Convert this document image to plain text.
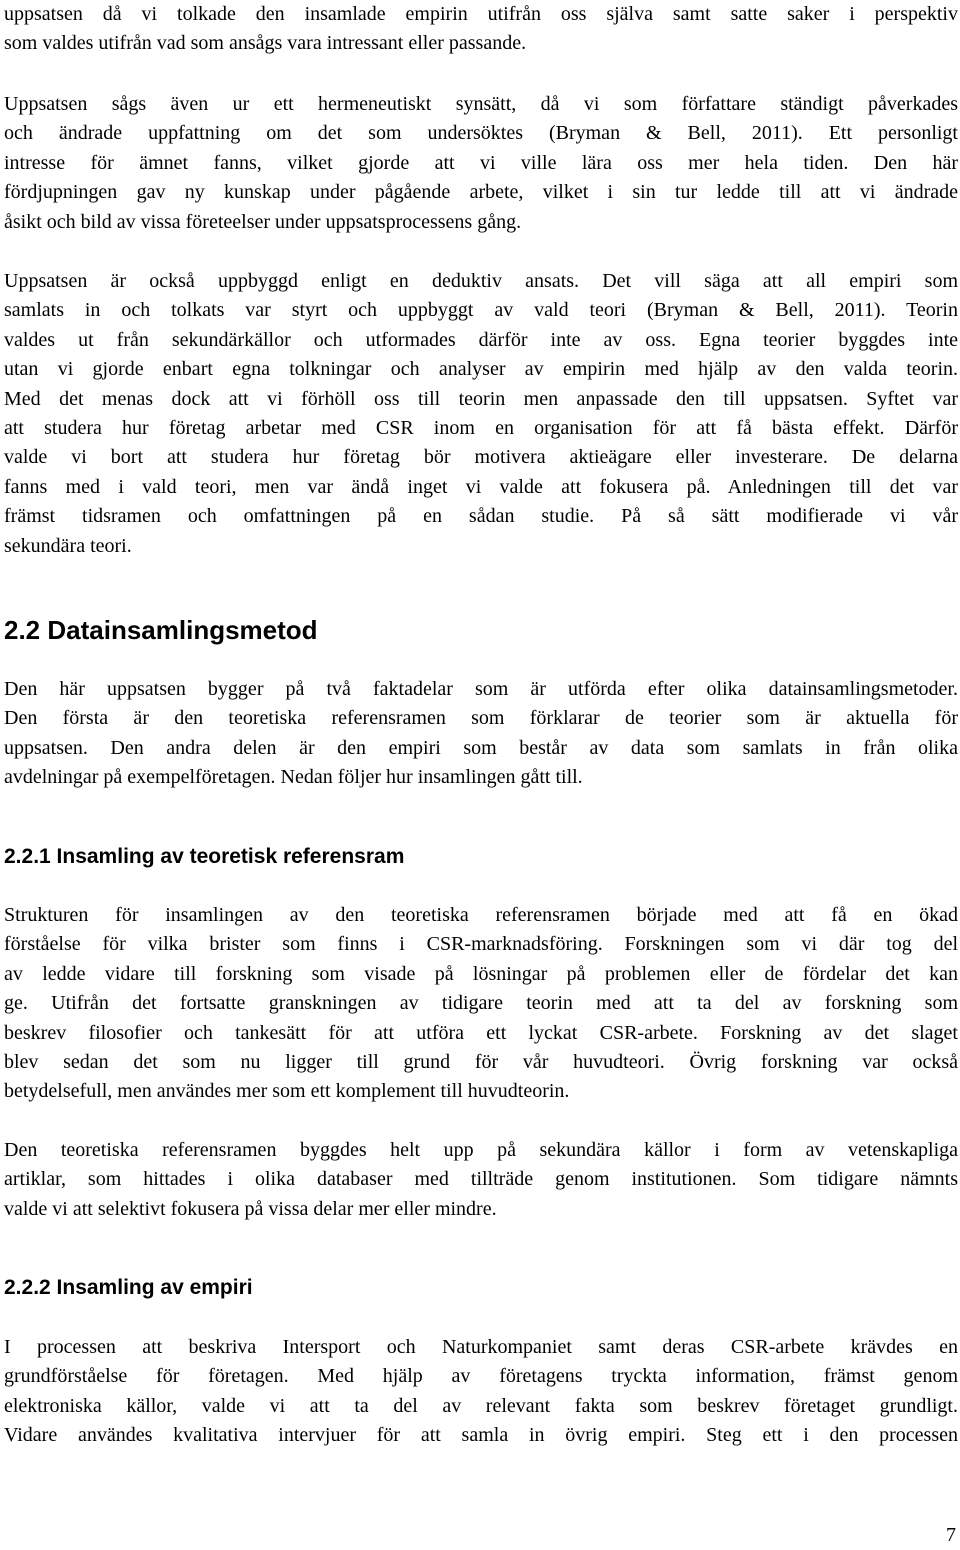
uppsatsen då vi tolkade den insamlade empirin utifrån oss själva samt satte saker i perspektiv
som valdes utifrån vad som ansågs vara intressant eller passande.
Uppsatsen sågs även ur ett hermeneutiskt synsätt, då vi som författare ständigt påverkades
och ändrade uppfattning om det som undersöktes (Bryman & Bell, 2011). Ett personligt
intresse för ämnet fanns, vilket gjorde att vi ville lära oss mer hela tiden. Den här
fördjupningen gav ny kunskap under pågående arbete, vilket i sin tur ledde till att vi ändrade
åsikt och bild av vissa företeelser under uppsatsprocessens gång.
Uppsatsen är också uppbyggd enligt en deduktiv ansats. Det vill säga att all empiri som
samlats in och tolkats var styrt och uppbyggt av vald teori (Bryman & Bell, 2011). Teorin
valdes ut från sekundärkällor och utformades därför inte av oss. Egna teorier byggdes inte
utan vi gjorde enbart egna tolkningar och analyser av empirin med hjälp av den valda teorin.
Med det menas dock att vi förhöll oss till teorin men anpassade den till uppsatsen. Syftet var
att studera hur företag arbetar med CSR inom en organisation för att få bästa effekt. Därför
valde vi bort att studera hur företag bör motivera aktieägare eller investerare. De delarna
fanns med i vald teori, men var ändå inget vi valde att fokusera på. Anledningen till det var
främst tidsramen och omfattningen på en sådan studie. På så sätt modifierade vi vår
sekundära teori.
2.2 Datainsamlingsmetod
Den här uppsatsen bygger på två faktadelar som är utförda efter olika datainsamlingsmetoder.
Den första är den teoretiska referensramen som förklarar de teorier som är aktuella för
uppsatsen. Den andra delen är den empiri som består av data som samlats in från olika
avdelningar på exempelföretagen. Nedan följer hur insamlingen gått till.
2.2.1 Insamling av teoretisk referensram
Strukturen för insamlingen av den teoretiska referensramen började med att få en ökad
förståelse för vilka brister som finns i CSR-marknadsföring. Forskningen som vi där tog del
av ledde vidare till forskning som visade på lösningar på problemen eller de fördelar det kan
ge. Utifrån det fortsatte granskningen av tidigare teorin med att ta del av forskning som
beskrev filosofier och tankesätt för att utföra ett lyckat CSR-arbete. Forskning av det slaget
blev sedan det som nu ligger till grund för vår huvudteori. Övrig forskning var också
betydelsefull, men användes mer som ett komplement till huvudteorin.
Den teoretiska referensramen byggdes helt upp på sekundära källor i form av vetenskapliga
artiklar, som hittades i olika databaser med tillträde genom institutionen. Som tidigare nämnts
valde vi att selektivt fokusera på vissa delar mer eller mindre.
2.2.2 Insamling av empiri
I processen att beskriva Intersport och Naturkompaniet samt deras CSR-arbete krävdes en
grundförståelse för företagen. Med hjälp av företagens tryckta information, främst genom
elektroniska källor, valde vi att ta del av relevant fakta som beskrev företaget grundligt.
Vidare användes kvalitativa intervjuer för att samla in övrig empiri. Steg ett i den processen
7
